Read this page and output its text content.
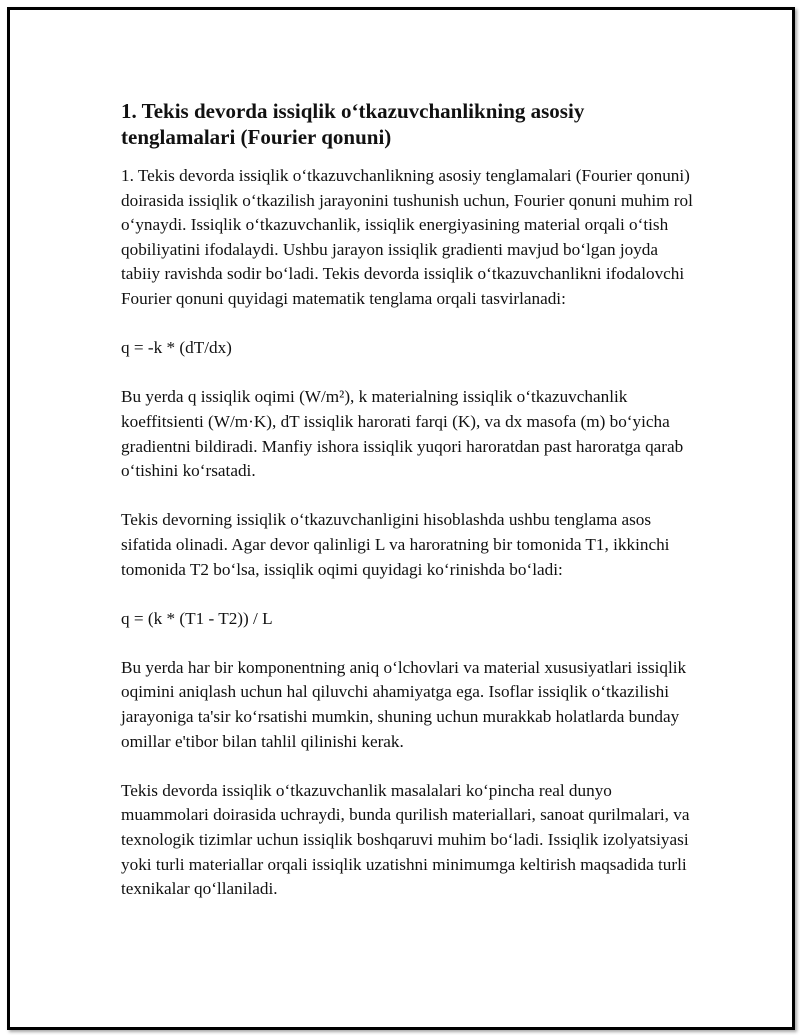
1. Tekis devorda issiqlik o‘tkazuvchanlikning asosiy tenglamalari (Fourier qonuni)

1. Tekis devorda issiqlik o‘tkazuvchanlikning asosiy tenglamalari (Fourier qonuni) doirasida issiqlik o‘tkazilish jarayonini tushunish uchun, Fourier qonuni muhim rol o‘ynaydi. Issiqlik o‘tkazuvchanlik, issiqlik energiyasining material orqali o‘tish qobiliyatini ifodalaydi. Ushbu jarayon issiqlik gradienti mavjud bo‘lgan joyda tabiiy ravishda sodir bo‘ladi. Tekis devorda issiqlik o‘tkazuvchanlikni ifodalovchi Fourier qonuni quyidagi matematik tenglama orqali tasvirlanadi:

q = -k * (dT/dx)

Bu yerda q issiqlik oqimi (W/m²), k materialning issiqlik o‘tkazuvchanlik koeffitsienti (W/m·K), dT issiqlik harorati farqi (K), va dx masofa (m) bo‘yicha gradientni bildiradi. Manfiy ishora issiqlik yuqori haroratdan past haroratga qarab o‘tishini ko‘rsatadi.

Tekis devorning issiqlik o‘tkazuvchanligini hisoblashda ushbu tenglama asos sifatida olinadi. Agar devor qalinligi L va haroratning bir tomonida T1, ikkinchi tomonida T2 bo‘lsa, issiqlik oqimi quyidagi ko‘rinishda bo‘ladi:

q = (k * (T1 - T2)) / L

Bu yerda har bir komponentning aniq o‘lchovlari va material xususiyatlari issiqlik oqimini aniqlash uchun hal qiluvchi ahamiyatga ega. Isoflar issiqlik o‘tkazilishi jarayoniga ta'sir ko‘rsatishi mumkin, shuning uchun murakkab holatlarda bunday omillar e'tibor bilan tahlil qilinishi kerak.

Tekis devorda issiqlik o‘tkazuvchanlik masalalari ko‘pincha real dunyo muammolari doirasida uchraydi, bunda qurilish materiallari, sanoat qurilmalari, va texnologik tizimlar uchun issiqlik boshqaruvi muhim bo‘ladi. Issiqlik izolyatsiyasi yoki turli materiallar orqali issiqlik uzatishni minimumga keltirish maqsadida turli texnikalar qo‘llaniladi.
